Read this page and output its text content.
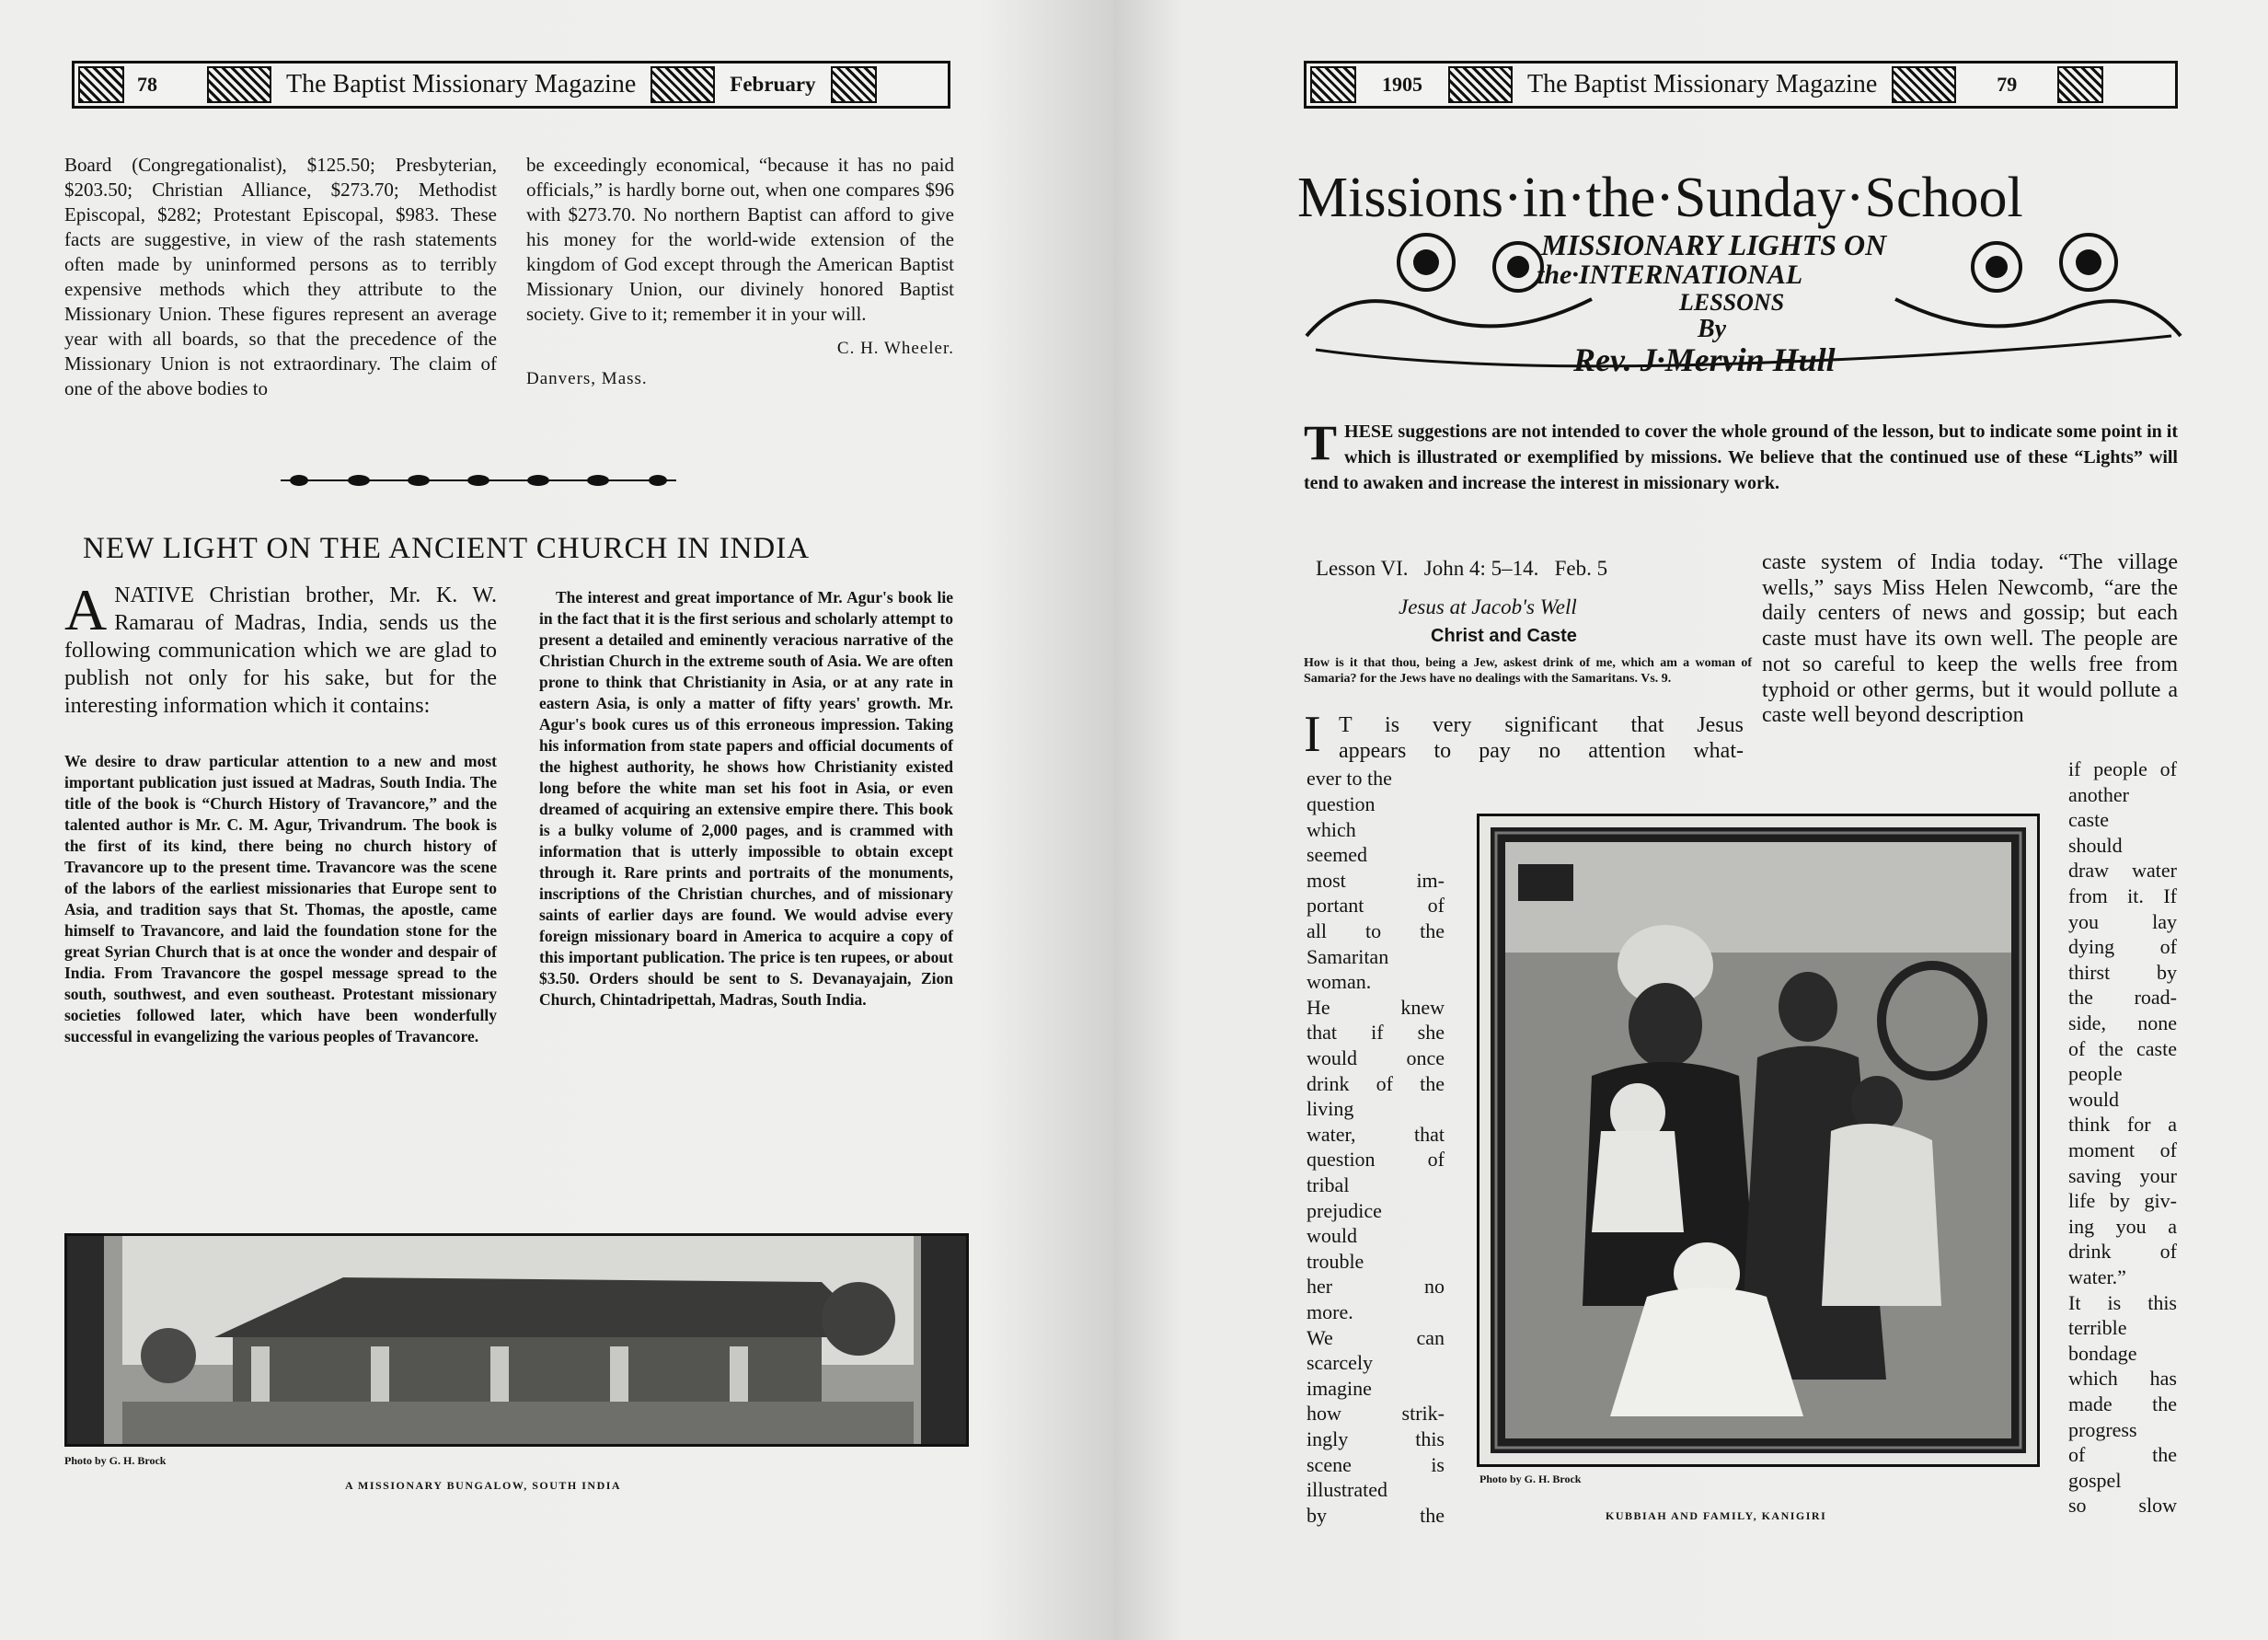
78	The Baptist Missionary Magazine	February

Board (Congregationalist), $125.50; Presbyterian, $203.50; Christian Alliance, $273.70; Methodist Episcopal, $282; Protestant Episcopal, $983. These facts are suggestive, in view of the rash statements often made by uninformed persons as to terribly expensive methods which they attribute to the Missionary Union. These figures represent an average year with all boards, so that the precedence of the Missionary Union is not extraordinary. The claim of one of the above bodies to

be exceedingly economical, “because it has no paid officials,” is hardly borne out, when one compares $96 with $273.70. No northern Baptist can afford to give his money for the world-wide extension of the kingdom of God except through the American Baptist Missionary Union, our divinely honored Baptist society. Give to it; remember it in your will.

C. H. Wheeler.
Danvers, Mass.
NEW LIGHT ON THE ANCIENT CHURCH IN INDIA
A NATIVE Christian brother, Mr. K. W. Ramarau of Madras, India, sends us the following communication which we are glad to publish not only for his sake, but for the interesting information which it contains:

We desire to draw particular attention to a new and most important publication just issued at Madras, South India. The title of the book is “Church History of Travancore,” and the talented author is Mr. C. M. Agur, Trivandrum. The book is the first of its kind, there being no church history of Travancore up to the present time. Travancore was the scene of the labors of the earliest missionaries that Europe sent to Asia, and tradition says that St. Thomas, the apostle, came himself to Travancore, and laid the foundation stone for the great Syrian Church that is at once the wonder and despair of India. From Travancore the gospel message spread to the south, southwest, and even southeast. Protestant missionary societies followed later, which have been wonderfully successful in evangelizing the various peoples of Travancore.

The interest and great importance of Mr. Agur's book lie in the fact that it is the first serious and scholarly attempt to present a detailed and eminently veracious narrative of the Christian Church in the extreme south of Asia. We are often prone to think that Christianity in Asia, or at any rate in eastern Asia, is only a matter of fifty years' growth. Mr. Agur's book cures us of this erroneous impression. Taking his information from state papers and official documents of the highest authority, he shows how Christianity existed long before the white man set his foot in Asia, or even dreamed of acquiring an extensive empire there. This book is a bulky volume of 2,000 pages, and is crammed with information that is utterly impossible to obtain except through it. Rare prints and portraits of the monuments, inscriptions of the Christian churches, and of missionary saints of earlier days are found. We would advise every foreign missionary board in America to acquire a copy of this important publication. The price is ten rupees, or about $3.50. Orders should be sent to S. Devanayajain, Zion Church, Chintadripettah, Madras, South India.

Photo by G. H. Brock
A MISSIONARY BUNGALOW, SOUTH INDIA
1905	The Baptist Missionary Magazine	79
Missions·in·the·Sunday·School
MISSIONARY LIGHTS ON
the·INTERNATIONAL
LESSONS
By
Rev. J·Mervin Hull
T HESE suggestions are not intended to cover the whole ground of the lesson, but to indicate some point in it which is illustrated or exemplified by missions. We believe that the continued use of these “Lights” will tend to awaken and increase the interest in missionary work.
Lesson VI.   John 4: 5–14.   Feb. 5
Jesus at Jacob's Well
Christ and Caste
How is it that thou, being a Jew, askest drink of me, which am a woman of Samaria? for the Jews have no dealings with the Samaritans. Vs. 9.
I T is very significant that Jesus
appears to pay no attention what-
ever to the
question
which
seemed
most im-
portant of
all to the
Samaritan
woman.
He knew
that if she
would once
drink of the
living
water, that
question of
tribal
prejudice
would
trouble
her no
more.
We can
scarcely
imagine
how strik-
ingly this
scene is
illustrated
by the
caste system of India today. “The village wells,” says Miss Helen Newcomb, “are the daily centers of news and gossip; but each caste must have its own well. The people are not so careful to keep the wells free from typhoid or other germs, but it would pollute a caste well beyond description
if people of
another
caste
should
draw water
from it. If
you lay
dying of
thirst by
the road-
side, none
of the caste
people
would
think for a
moment of
saving your
life by giv-
ing you a
drink of
water.”
It is this
terrible
bondage
which has
made the
progress
of the
gospel
so slow
Photo by G. H. Brock
KUBBIAH AND FAMILY, KANIGIRI
